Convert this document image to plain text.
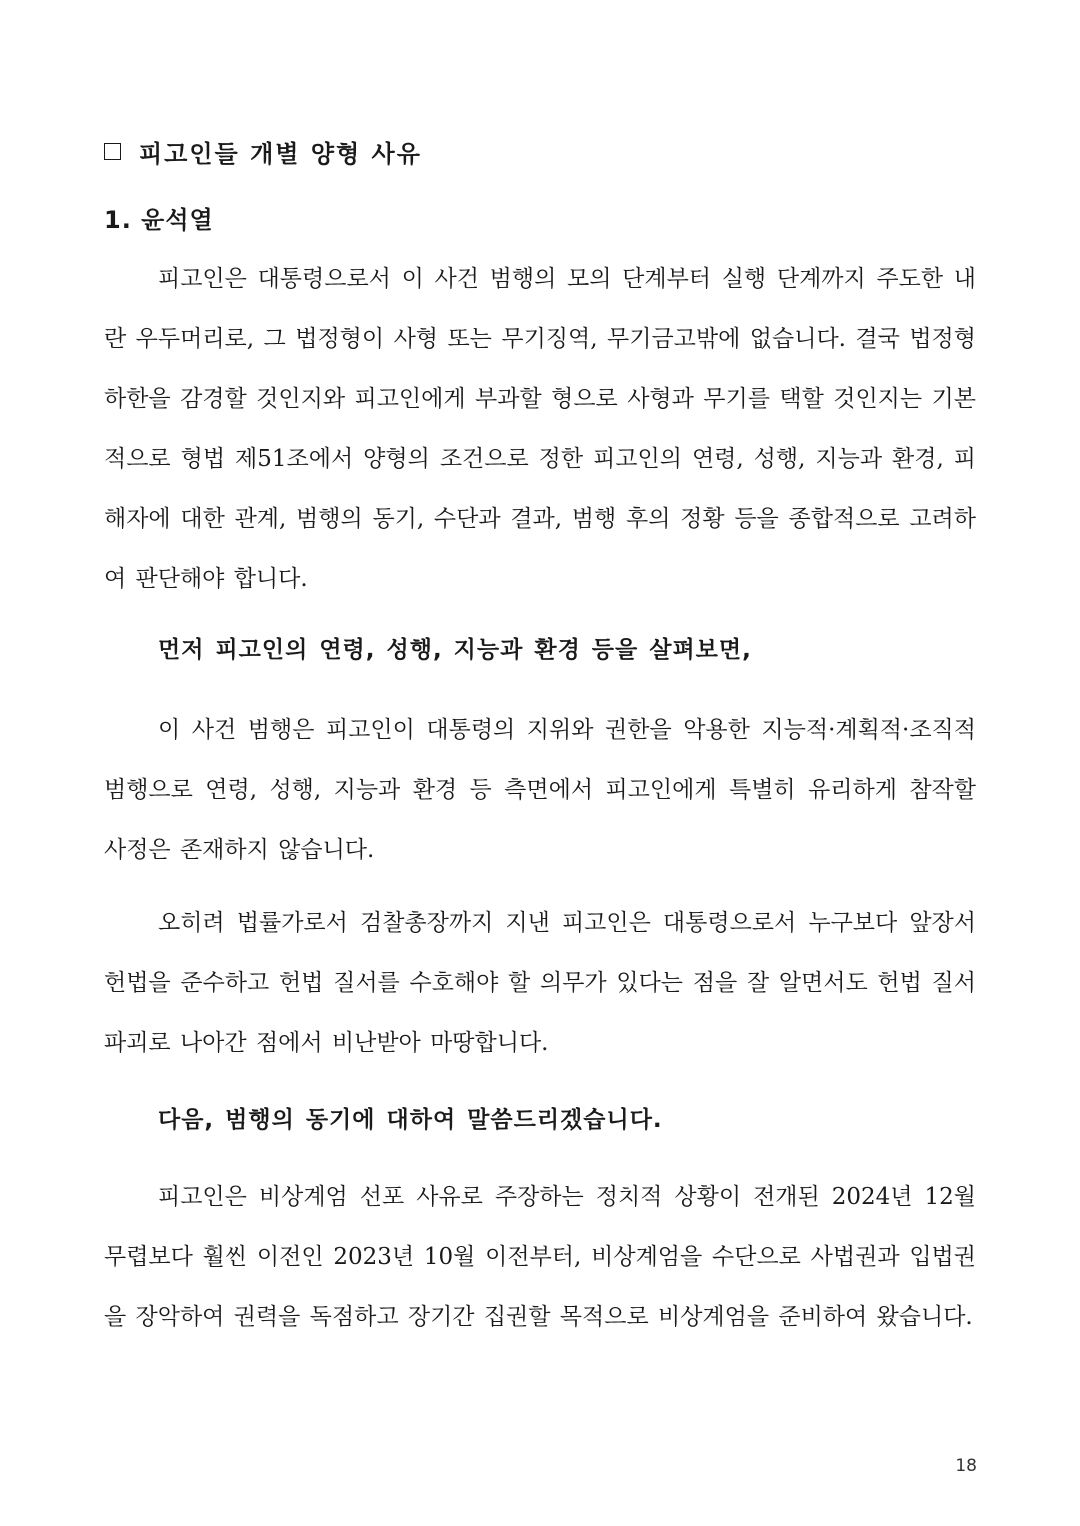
피고인들 개별 양형 사유
1. 윤석열

피고인은 대통령으로서 이 사건 범행의 모의 단계부터 실행 단계까지 주도한 내란 우두머리로, 그 법정형이 사형 또는 무기징역, 무기금고밖에 없습니다. 결국 법정형 하한을 감경할 것인지와 피고인에게 부과할 형으로 사형과 무기를 택할 것인지는 기본적으로 형법 제51조에서 양형의 조건으로 정한 피고인의 연령, 성행, 지능과 환경, 피해자에 대한 관계, 범행의 동기, 수단과 결과, 범행 후의 정황 등을 종합적으로 고려하여 판단해야 합니다.

먼저 피고인의 연령, 성행, 지능과 환경 등을 살펴보면,

이 사건 범행은 피고인이 대통령의 지위와 권한을 악용한 지능적·계획적·조직적 범행으로 연령, 성행, 지능과 환경 등 측면에서 피고인에게 특별히 유리하게 참작할 사정은 존재하지 않습니다.

오히려 법률가로서 검찰총장까지 지낸 피고인은 대통령으로서 누구보다 앞장서 헌법을 준수하고 헌법 질서를 수호해야 할 의무가 있다는 점을 잘 알면서도 헌법 질서 파괴로 나아간 점에서 비난받아 마땅합니다.

다음, 범행의 동기에 대하여 말씀드리겠습니다.

피고인은 비상계엄 선포 사유로 주장하는 정치적 상황이 전개된 2024년 12월 무렵보다 훨씬 이전인 2023년 10월 이전부터, 비상계엄을 수단으로 사법권과 입법권을 장악하여 권력을 독점하고 장기간 집권할 목적으로 비상계엄을 준비하여 왔습니다.

18
